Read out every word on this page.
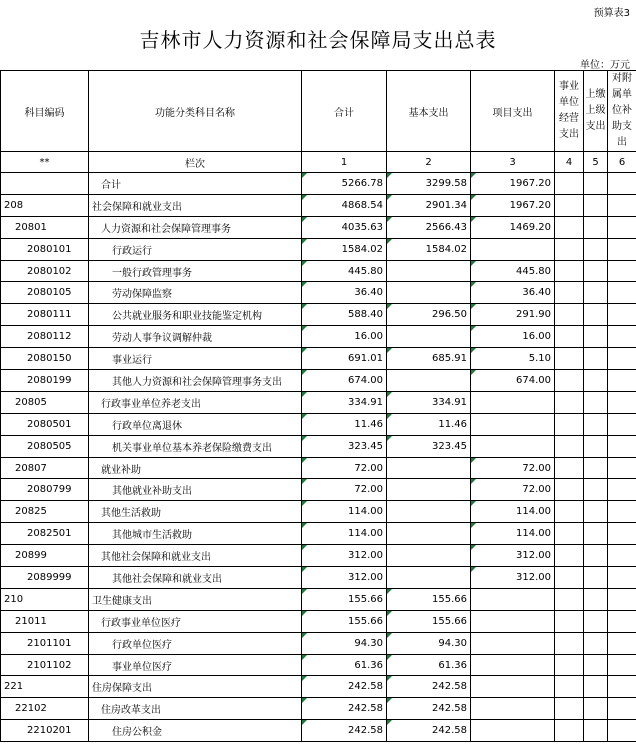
预算表3
吉林市人力资源和社会保障局支出总表
单位：万元
科目编码	功能分类科目名称	合计	基本支出	项目支出	事业单位经营支出	上缴上级支出	对附属单位补助支出
**	栏次	1	2	3	4	5	6
	合计	5266.78	3299.58	1967.20			
208	社会保障和就业支出	4868.54	2901.34	1967.20			
20801	人力资源和社会保障管理事务	4035.63	2566.43	1469.20			
2080101	行政运行	1584.02	1584.02				
2080102	一般行政管理事务	445.80		445.80			
2080105	劳动保障监察	36.40		36.40			
2080111	公共就业服务和职业技能鉴定机构	588.40	296.50	291.90			
2080112	劳动人事争议调解仲裁	16.00		16.00			
2080150	事业运行	691.01	685.91	5.10			
2080199	其他人力资源和社会保障管理事务支出	674.00		674.00			
20805	行政事业单位养老支出	334.91	334.91				
2080501	行政单位离退休	11.46	11.46				
2080505	机关事业单位基本养老保险缴费支出	323.45	323.45				
20807	就业补助	72.00		72.00			
2080799	其他就业补助支出	72.00		72.00			
20825	其他生活救助	114.00		114.00			
2082501	其他城市生活救助	114.00		114.00			
20899	其他社会保障和就业支出	312.00		312.00			
2089999	其他社会保障和就业支出	312.00		312.00			
210	卫生健康支出	155.66	155.66				
21011	行政事业单位医疗	155.66	155.66				
2101101	行政单位医疗	94.30	94.30				
2101102	事业单位医疗	61.36	61.36				
221	住房保障支出	242.58	242.58				
22102	住房改革支出	242.58	242.58				
2210201	住房公积金	242.58	242.58				
